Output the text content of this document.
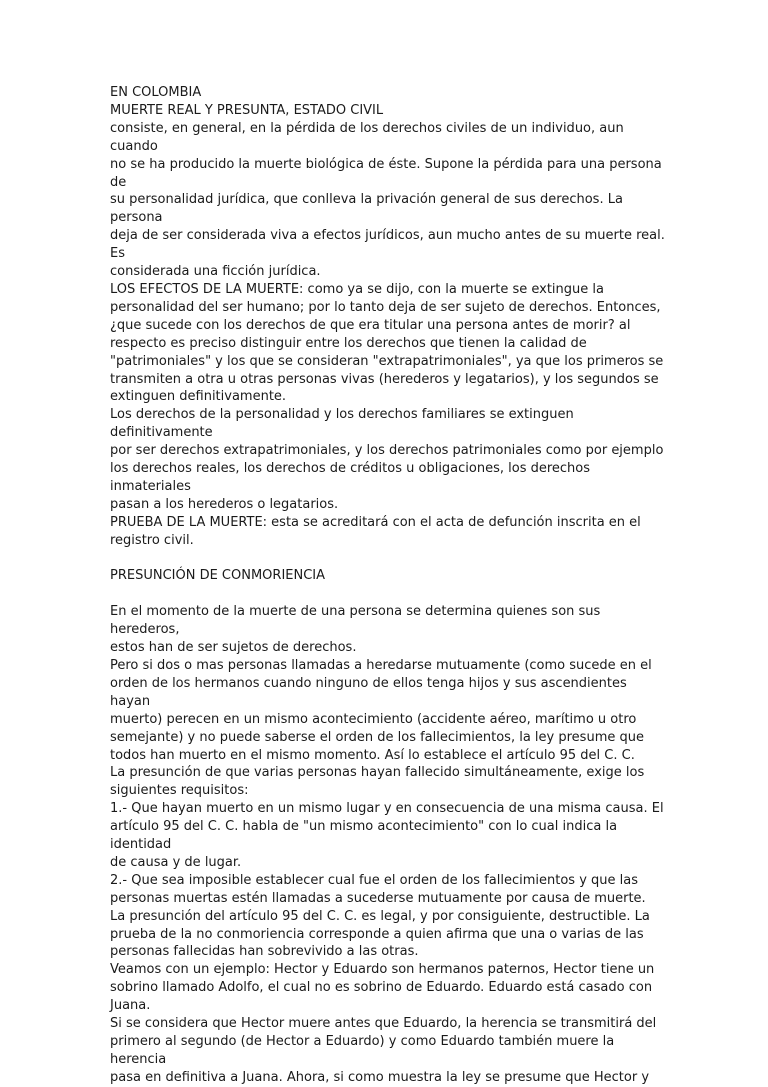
EN COLOMBIA

MUERTE REAL Y PRESUNTA, ESTADO CIVIL

consiste, en general, en la pérdida de los derechos civiles de un individuo, aun cuando
no se ha producido la muerte biológica de éste. Supone la pérdida para una persona de
su personalidad jurídica, que conlleva la privación general de sus derechos. La persona
deja de ser considerada viva a efectos jurídicos, aun mucho antes de su muerte real. Es
considerada una ficción jurídica.

LOS EFECTOS DE LA MUERTE: como ya se dijo, con la muerte se extingue la
personalidad del ser humano; por lo tanto deja de ser sujeto de derechos. Entonces,
¿que sucede con los derechos de que era titular una persona antes de morir? al
respecto es preciso distinguir entre los derechos que tienen la calidad de
"patrimoniales" y los que se consideran "extrapatrimoniales", ya que los primeros se
transmiten a otra u otras personas vivas (herederos y legatarios), y los segundos se
extinguen definitivamente.

Los derechos de la personalidad y los derechos familiares se extinguen definitivamente
por ser derechos extrapatrimoniales, y los derechos patrimoniales como por ejemplo
los derechos reales, los derechos de créditos u obligaciones, los derechos inmateriales
pasan a los herederos o legatarios.

PRUEBA DE LA MUERTE: esta se acreditará con el acta de defunción inscrita en el
registro civil.

PRESUNCIÓN DE CONMORIENCIA

En el momento de la muerte de una persona se determina quienes son sus herederos,
estos han de ser sujetos de derechos.

Pero si dos o mas personas llamadas a heredarse mutuamente (como sucede en el
orden de los hermanos cuando ninguno de ellos tenga hijos y sus ascendientes hayan
muerto) perecen en un mismo acontecimiento (accidente aéreo, marítimo u otro
semejante) y no puede saberse el orden de los fallecimientos, la ley presume que
todos han muerto en el mismo momento. Así lo establece el artículo 95 del C. C.

La presunción de que varias personas hayan fallecido simultáneamente, exige los
siguientes requisitos:

1.- Que hayan muerto en un mismo lugar y en consecuencia de una misma causa. El
artículo 95 del C. C. habla de "un mismo acontecimiento" con lo cual indica la identidad
de causa y de lugar.

2.- Que sea imposible establecer cual fue el orden de los fallecimientos y que las
personas muertas estén llamadas a sucederse mutuamente por causa de muerte.

La presunción del artículo 95 del C. C. es legal, y por consiguiente, destructible. La
prueba de la no conmoriencia corresponde a quien afirma que una o varias de las
personas fallecidas han sobrevivido a las otras.

Veamos con un ejemplo: Hector y Eduardo son hermanos paternos, Hector tiene un
sobrino llamado Adolfo, el cual no es sobrino de Eduardo. Eduardo está casado con
Juana.

Si se considera que Hector muere antes que Eduardo, la herencia se transmitirá del
primero al segundo (de Hector a Eduardo) y como Eduardo también muere la herencia
pasa en definitiva a Juana. Ahora, si como muestra la ley se presume que Hector y
